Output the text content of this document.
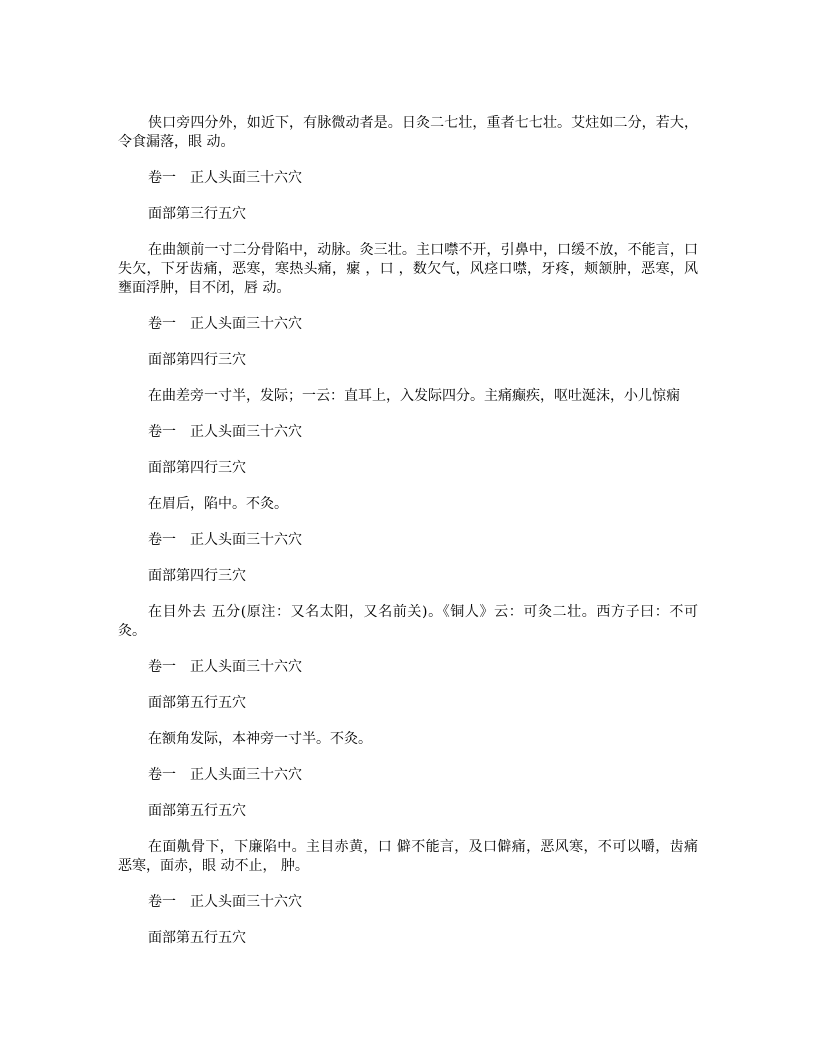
侠口旁四分外，如近下，有脉微动者是。日灸二七壮，重者七七壮。艾炷如二分，若大，令食漏落，眼 动。

卷一　正人头面三十六穴

面部第三行五穴

在曲颔前一寸二分骨陷中，动脉。灸三壮。主口噤不开，引鼻中，口缓不放，不能言，口失欠，下牙齿痛，恶寒，寒热头痛，瘰 ，口 ，数欠气，风痉口噤，牙疼，颊颔肿，恶寒，风壅面浮肿，目不闭，唇 动。

卷一　正人头面三十六穴

面部第四行三穴

在曲差旁一寸半，发际；一云：直耳上，入发际四分。主痛癫疾，呕吐涎沫，小儿惊痫

卷一　正人头面三十六穴

面部第四行三穴

在眉后，陷中。不灸。

卷一　正人头面三十六穴

面部第四行三穴

在目外去 五分(原注：又名太阳，又名前关)。《铜人》云：可灸二壮。西方子曰：不可灸。

卷一　正人头面三十六穴

面部第五行五穴

在额角发际，本神旁一寸半。不灸。

卷一　正人头面三十六穴

面部第五行五穴

在面鼽骨下，下廉陷中。主目赤黄，口 僻不能言，及口僻痛，恶风寒，不可以嚼，齿痛恶寒，面赤，眼 动不止， 肿。

卷一　正人头面三十六穴

面部第五行五穴
